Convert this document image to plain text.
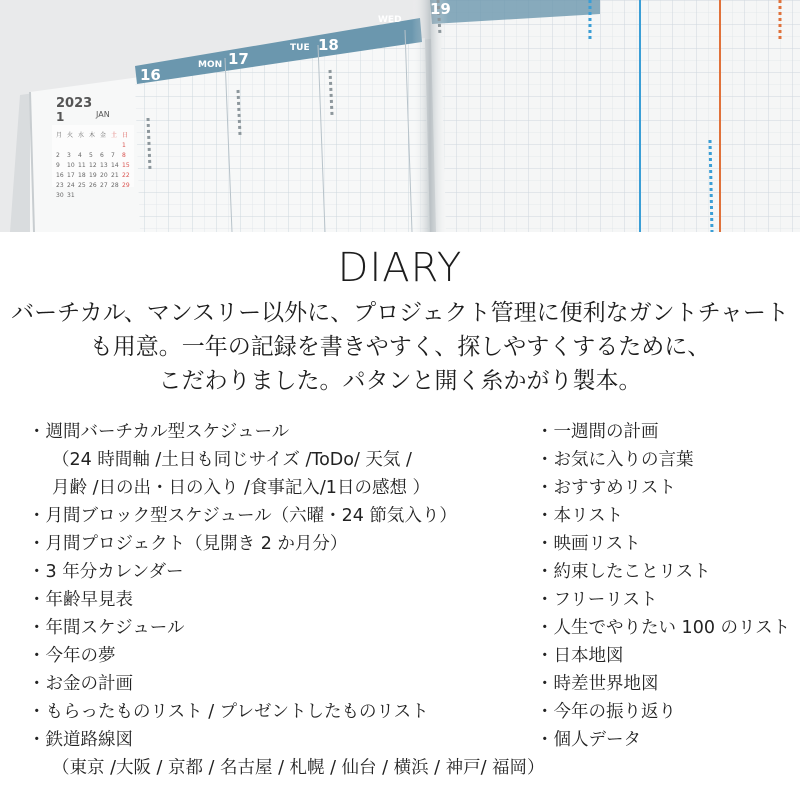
2023
1	JAN
月 火 水 木 金 土 日
1
2 3 4 5 6 7 8
9 10 11 12 13 14 15
16 17 18 19 20 21 22
23 24 25 26 27 28 29
30 31
16
MON 17
TUE 18
WED
19
DIARY
バーチカル、マンスリー以外に、プロジェクト管理に便利なガントチャート
も用意。一年の記録を書きやすく、探しやすくするために、
こだわりました。パタンと開く糸かがり製本。
・週間バーチカル型スケジュール
（24 時間軸 /土日も同じサイズ /ToDo/ 天気 /
月齢 /日の出・日の入り /食事記入/1日の感想 ）
・月間ブロック型スケジュール（六曜・24 節気入り）
・月間プロジェクト（見開き 2 か月分）
・3 年分カレンダー
・年齢早見表
・年間スケジュール
・今年の夢
・お金の計画
・もらったものリスト / プレゼントしたものリスト
・鉄道路線図
（東京 /大阪 / 京都 / 名古屋 / 札幌 / 仙台 / 横浜 / 神戸/ 福岡）
・一週間の計画
・お気に入りの言葉
・おすすめリスト
・本リスト
・映画リスト
・約束したことリスト
・フリーリスト
・人生でやりたい 100 のリスト
・日本地図
・時差世界地図
・今年の振り返り
・個人データ
